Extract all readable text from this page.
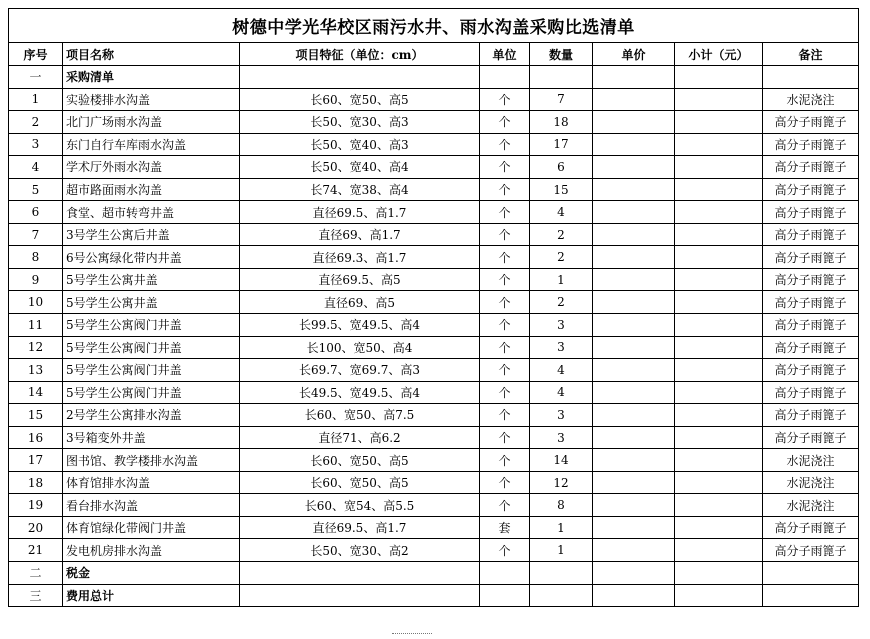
树德中学光华校区雨污水井、雨水沟盖采购比选清单							
序号	项目名称	项目特征（单位：cm）	单位	数量	单价	小计（元）	备注
一	采购清单						
1	实验楼排水沟盖	长60、宽50、高5	个	7			水泥浇注
2	北门广场雨水沟盖	长50、宽30、高3	个	18			高分子雨篦子
3	东门自行车库雨水沟盖	长50、宽40、高3	个	17			高分子雨篦子
4	学术厅外雨水沟盖	长50、宽40、高4	个	6			高分子雨篦子
5	超市路面雨水沟盖	长74、宽38、高4	个	15			高分子雨篦子
6	食堂、超市转弯井盖	直径69.5、高1.7	个	4			高分子雨篦子
7	3号学生公寓后井盖	直径69、高1.7	个	2			高分子雨篦子
8	6号公寓绿化带内井盖	直径69.3、高1.7	个	2			高分子雨篦子
9	5号学生公寓井盖	直径69.5、高5	个	1			高分子雨篦子
10	5号学生公寓井盖	直径69、高5	个	2			高分子雨篦子
11	5号学生公寓阀门井盖	长99.5、宽49.5、高4	个	3			高分子雨篦子
12	5号学生公寓阀门井盖	长100、宽50、高4	个	3			高分子雨篦子
13	5号学生公寓阀门井盖	长69.7、宽69.7、高3	个	4			高分子雨篦子
14	5号学生公寓阀门井盖	长49.5、宽49.5、高4	个	4			高分子雨篦子
15	2号学生公寓排水沟盖	长60、宽50、高7.5	个	3			高分子雨篦子
16	3号箱变外井盖	直径71、高6.2	个	3			高分子雨篦子
17	图书馆、教学楼排水沟盖	长60、宽50、高5	个	14			水泥浇注
18	体育馆排水沟盖	长60、宽50、高5	个	12			水泥浇注
19	看台排水沟盖	长60、宽54、高5.5	个	8			水泥浇注
20	体育馆绿化带阀门井盖	直径69.5、高1.7	套	1			高分子雨篦子
21	发电机房排水沟盖	长50、宽30、高2	个	1			高分子雨篦子
二	税金						
三	费用总计						
